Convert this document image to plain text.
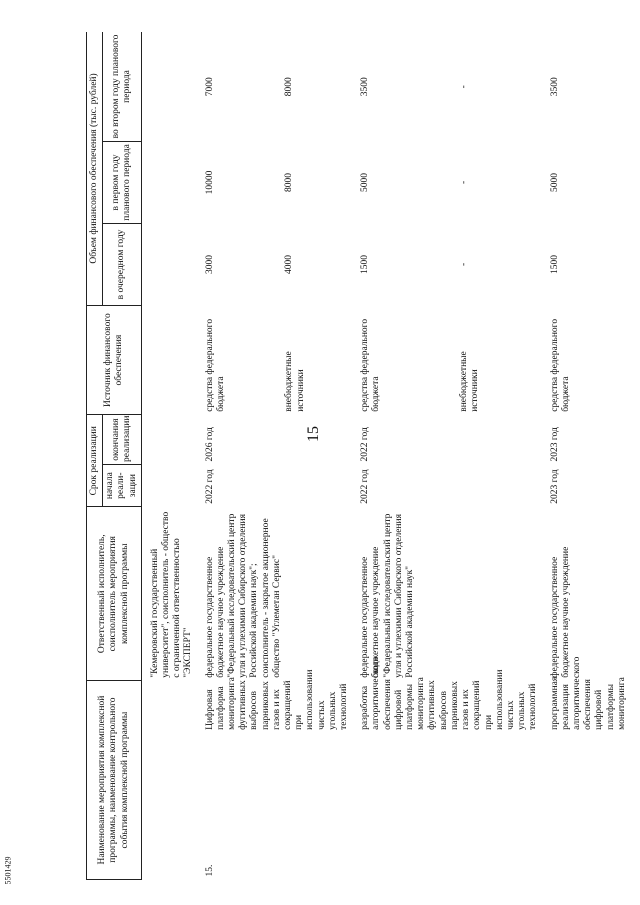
15
5501429
Наименование мероприятия комплексной программы, наименование контрольного события комплексной программы		Ответственный исполнитель, соисполнитель мероприятия комплексной программы	Срок реализации		Источник финансового обеспечения	Объем финансового обеспечения (тыс. рублей)		
			начала реали-зации	окончания реализации		в очередном году	в первом году планового периода	во втором году планового периода
		"Кемеровский государственный университет", соисполнитель - общество с ограниченной ответственностью "ЭКСПЕРТ"						
15.	Цифровая платформа мониторинга фугитивных выбросов парниковых газов и их сокращений при использовании чистых угольных технологий	федеральное государственное бюджетное научное учреждение "Федеральный исследовательский центр угля и углехимии Сибирского отделения Российской академии наук"; соисполнитель - закрытое акционерное общество "Углеметан Сервис"	2022 год	2026 год	средства федерального бюджета	3000	10000	7000
					внебюджетные источники	4000	8000	8000
	разработка алгоритмического обеспечения цифровой платформы мониторинга фугитивных выбросов парниковых газов и их сокращений при использовании чистых угольных технологий	федеральное государственное бюджетное научное учреждение "Федеральный исследовательский центр угля и углехимии Сибирского отделения Российской академии наук"	2022 год	2022 год	средства федерального бюджета	1500	5000	3500
					внебюджетные источники	-	-	-
	программная реализация алгоритмического обеспечения цифровой платформы мониторинга	федеральное государственное бюджетное научное учреждение	2023 год	2023 год	средства федерального бюджета	1500	5000	3500
